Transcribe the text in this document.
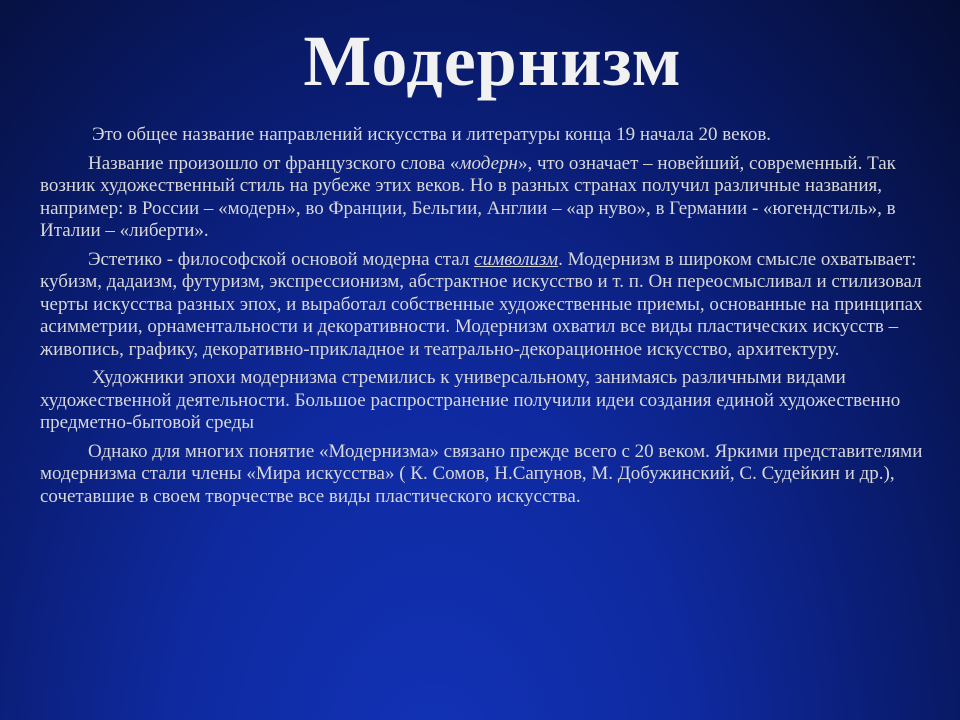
Модернизм

Это общее название направлений искусства и литературы конца 19 начала 20 веков.

Название произошло от французского слова «модерн», что означает – новейший, современный. Так возник художественный стиль на рубеже этих веков. Но в разных странах получил различные названия, например: в России – «модерн», во Франции, Бельгии, Англии – «ар нуво», в Германии - «югендстиль», в Италии – «либерти».

Эстетико - философской основой модерна стал символизм. Модернизм в широком смысле охватывает: кубизм, дадаизм, футуризм, экспрессионизм, абстрактное искусство и т. п. Он переосмысливал и стилизовал черты искусства разных эпох, и выработал собственные художественные приемы, основанные на принципах асимметрии, орнаментальности и декоративности. Модернизм охватил все виды пластических искусств – живопись, графику, декоративно-прикладное и театрально-декорационное искусство, архитектуру.

Художники эпохи модернизма стремились к универсальному, занимаясь различными видами художественной деятельности. Большое распространение получили идеи создания единой художественно предметно-бытовой среды

Однако для многих понятие «Модернизма» связано прежде всего с 20 веком. Яркими представителями модернизма стали члены «Мира искусства» ( К. Сомов, Н.Сапунов, М. Добужинский, С. Судейкин и др.), сочетавшие в своем творчестве все виды пластического искусства.
